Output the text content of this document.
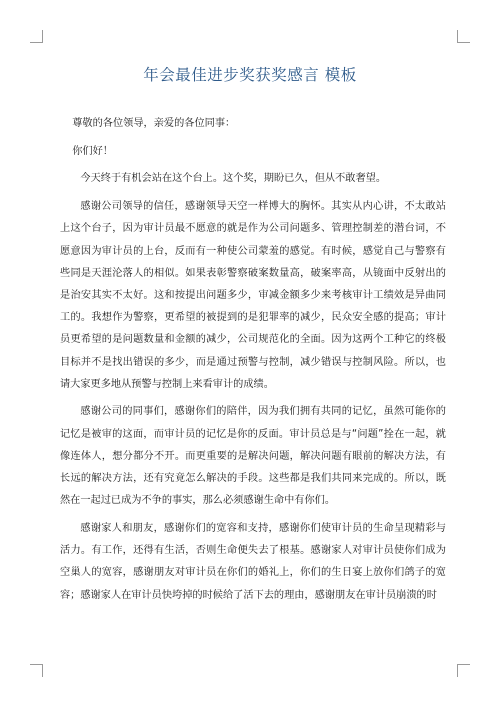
年会最佳进步奖获奖感言 模板

尊敬的各位领导，亲爱的各位同事：

你们好！

今天终于有机会站在这个台上。这个奖，期盼已久，但从不敢奢望。

感谢公司领导的信任，感谢领导天空一样博大的胸怀。其实从内心讲，不太敢站上这个台子，因为审计员最不愿意的就是作为公司问题多、管理控制差的潜台词，不愿意因为审计员的上台，反而有一种使公司蒙羞的感觉。有时候，感觉自己与警察有些同是天涯沦落人的相似。如果表彰警察破案数量高，破案率高，从镜面中反射出的是治安其实不太好。这和按提出问题多少，审减金额多少来考核审计工绩效是异曲同工的。我想作为警察，更希望的被提到的是犯罪率的减少，民众安全感的提高；审计员更希望的是问题数量和金额的减少，公司规范化的全面。因为这两个工种它的终极目标并不是找出错误的多少，而是通过预警与控制，减少错误与控制风险。所以，也请大家更多地从预警与控制上来看审计的成绩。

感谢公司的同事们，感谢你们的陪伴，因为我们拥有共同的记忆，虽然可能你的记忆是被审的这面，而审计员的记忆是你的反面。审计员总是与“问题”拴在一起，就像连体人，想分都分不开。而更重要的是解决问题，解决问题有眼前的解决方法，有长远的解决方法，还有究竟怎么解决的手段。这些都是我们共同来完成的。所以，既然在一起过已成为不争的事实，那么必须感谢生命中有你们。

感谢家人和朋友，感谢你们的宽容和支持，感谢你们使审计员的生命呈现精彩与活力。有工作，还得有生活，否则生命便失去了根基。感谢家人对审计员使你们成为空巢人的宽容，感谢朋友对审计员在你们的婚礼上，你们的生日宴上放你们鸽子的宽容；感谢家人在审计员快垮掉的时候给了活下去的理由，感谢朋友在审计员崩溃的时
